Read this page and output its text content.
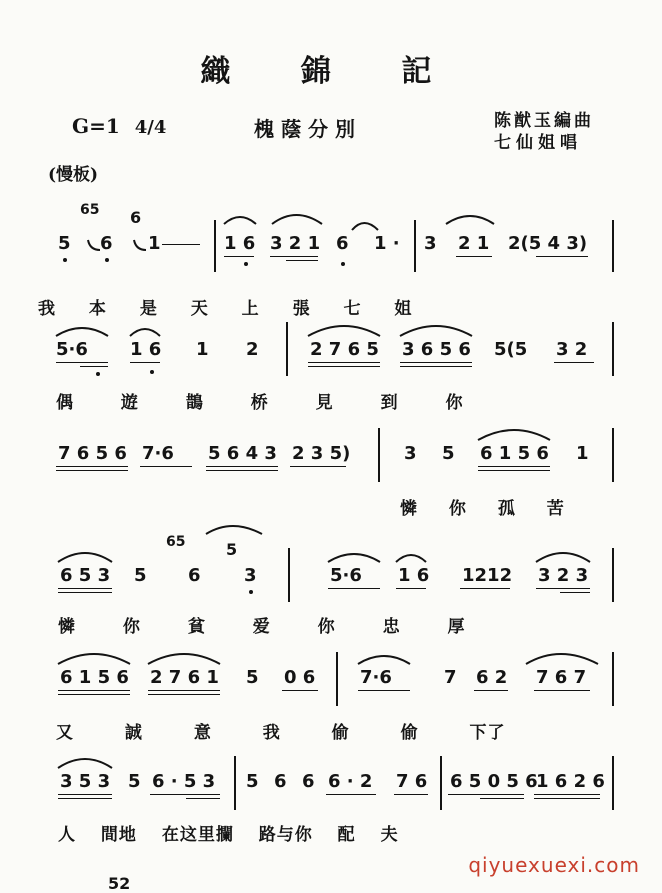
織 錦 記
G=1 4/4	槐蔭分別	陈猷玉編曲
七仙姐唱
(慢板)
5
65
6
6
1	1 6 3 2 1 6 1 · 3 2 1 2(5 4 3)
我 本 是 天 上 張 七 姐
5·6 1 6 1 2	2 7 6 5 3 6 5 6 5(5 3 2
偶 遊 鵲 桥 見 到 你
7 6 5 6 7·6 5 6 4 3 2 3 5)	3 5 6 1 5 6 1
憐 你 孤 苦
6 5 3 5
65
6
5
3	5·6 1 6 1212 3 2 3
憐 你 貧 爱 你 忠 厚
6 1 5 6 2 7 6 1 5 0 6 7·6	7 6 2 7 6 7
又 誠 意 我 偷 偷 下了
3 5 3 5 6 · 5 3 5 6 6 6 · 2 7 6 6 5 0 5 6
1 6 2 6
人 間地 在这里攔 路与你 配 夫
52
qiyuexuexi.com
